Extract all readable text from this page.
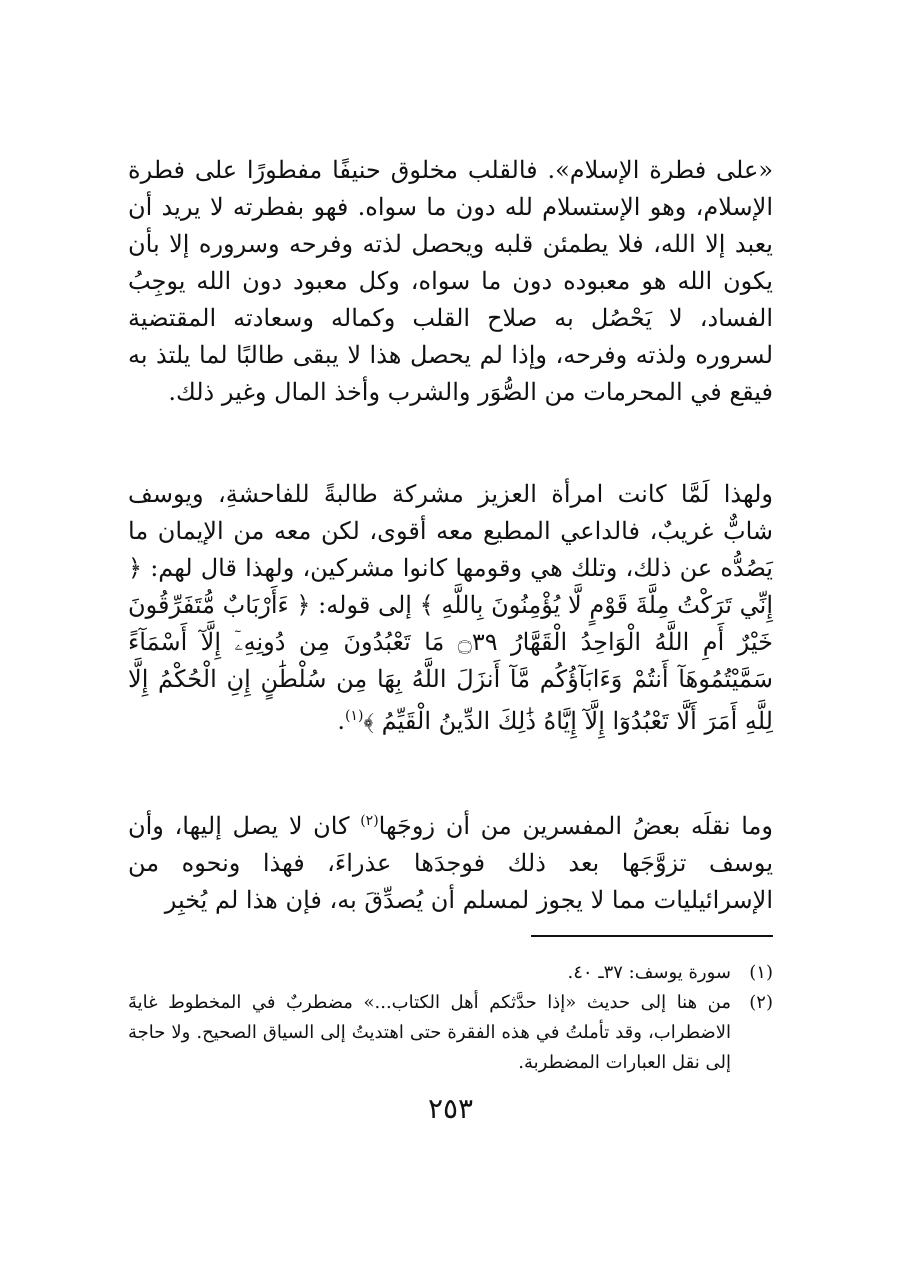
«على فطرة الإسلام». فالقلب مخلوق حنيفًا مفطورًا على فطرة الإسلام، وهو الإستسلام لله دون ما سواه. فهو بفطرته لا يريد أن يعبد إلا الله، فلا يطمئن قلبه ويحصل لذته وفرحه وسروره إلا بأن يكون الله هو معبوده دون ما سواه، وكل معبود دون الله يوجِبُ الفساد، لا يَحْصُل به صلاح القلب وكماله وسعادته المقتضية لسروره ولذته وفرحه، وإذا لم يحصل هذا لا يبقى طالبًا لما يلتذ به فيقع في المحرمات من الصُّوَر والشرب وأخذ المال وغير ذلك.

ولهذا لَمَّا كانت امرأة العزيز مشركة طالبةً للفاحشةِ، ويوسف شابٌّ غريبٌ، فالداعي المطيع معه أقوى، لكن معه من الإيمان ما يَصُدُّه عن ذلك، وتلك هي وقومها كانوا مشركين، ولهذا قال لهم: ﴿ إِنِّي تَرَكْتُ مِلَّةَ قَوْمٍ لَّا يُؤْمِنُونَ بِاللَّهِ ﴾ إلى قوله: ﴿ ءَأَرْبَابٌ مُّتَفَرِّقُونَ خَيْرٌ أَمِ اللَّهُ الْوَاحِدُ الْقَهَّارُ ۝٣٩ مَا تَعْبُدُونَ مِن دُونِهِۦٓ إِلَّآ أَسْمَآءً سَمَّيْتُمُوهَآ أَنتُمْ وَءَابَآؤُكُم مَّآ أَنزَلَ اللَّهُ بِهَا مِن سُلْطَٰنٍ إِنِ الْحُكْمُ إِلَّا لِلَّهِ أَمَرَ أَلَّا تَعْبُدُوٓا إِلَّآ إِيَّاهُ ذَٰلِكَ الدِّينُ الْقَيِّمُ ﴾$^{(١)}$.

وما نقلَه بعضُ المفسرين من أن زوجَها$^{(٢)}$ كان لا يصل إليها، وأن يوسف تزوَّجَها بعد ذلك فوجدَها عذراءَ، فهذا ونحوه من الإسرائيليات مما لا يجوز لمسلم أن يُصدِّقَ به، فإن هذا لم يُخبِر

(١)
سورة يوسف: ٣٧ـ ٤٠.
(٢)
من هنا إلى حديث «إذا حدَّثكم أهل الكتاب...» مضطربٌ في المخطوط غايةَ الاضطراب، وقد تأملتُ في هذه الفقرة حتى اهتديتُ إلى السياق الصحيح. ولا حاجة إلى نقل العبارات المضطربة.
٢٥٣
